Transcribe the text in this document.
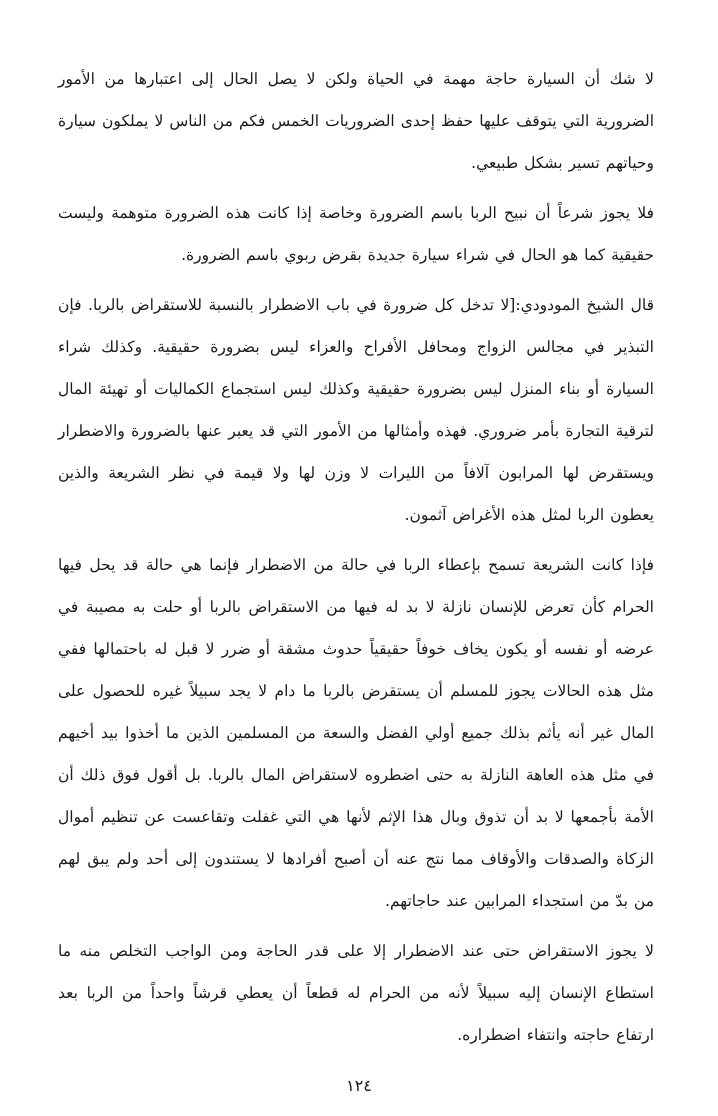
لا شك أن السيارة حاجة مهمة في الحياة ولكن لا يصل الحال إلى اعتبارها من الأمور الضرورية التي يتوقف عليها حفظ إحدى الضروريات الخمس فكم من الناس لا يملكون سيارة وحياتهم تسير بشكل طبيعي.

فلا يجوز شرعاً أن نبيح الربا باسم الضرورة وخاصة إذا كانت هذه الضرورة متوهمة وليست حقيقية كما هو الحال في شراء سيارة جديدة بقرض ربوي باسم الضرورة.

قال الشيخ المودودي:[لا تدخل كل ضرورة في باب الاضطرار بالنسبة للاستقراض بالربا. فإن التبذير في مجالس الزواج ومحافل الأفراح والعزاء ليس بضرورة حقيقية. وكذلك شراء السيارة أو بناء المنزل ليس بضرورة حقيقية وكذلك ليس استجماع الكماليات أو تهيئة المال لترقية التجارة بأمر ضروري. فهذه وأمثالها من الأمور التي قد يعبر عنها بالضرورة والاضطرار ويستقرض لها المرابون آلافاً من الليرات لا وزن لها ولا قيمة في نظر الشريعة والذين يعطون الربا لمثل هذه الأغراض آثمون.

فإذا كانت الشريعة تسمح بإعطاء الربا في حالة من الاضطرار فإنما هي حالة قد يحل فيها الحرام كأن تعرض للإنسان نازلة لا بد له فيها من الاستقراض بالربا أو حلت به مصيبة في عرضه أو نفسه أو يكون يخاف خوفاً حقيقياً حدوث مشقة أو ضرر لا قبل له باحتمالها ففي مثل هذه الحالات يجوز للمسلم أن يستقرض بالربا ما دام لا يجد سبيلاً غيره للحصول على المال غير أنه يأثم بذلك جميع أولي الفضل والسعة من المسلمين الذين ما أخذوا بيد أخيهم في مثل هذه العاهة النازلة به حتى اضطروه لاستقراض المال بالربا. بل أقول فوق ذلك أن الأمة بأجمعها لا بد أن تذوق وبال هذا الإثم لأنها هي التي غفلت وتقاعست عن تنظيم أموال الزكاة والصدقات والأوقاف مما نتج عنه أن أصبح أفرادها لا يستندون إلى أحد ولم يبق لهم من بدّ من استجداء المرابين عند حاجاتهم.

لا يجوز الاستقراض حتى عند الاضطرار إلا على قدر الحاجة ومن الواجب التخلص منه ما استطاع الإنسان إليه سبيلاً لأنه من الحرام له قطعاً أن يعطي قرشاً واحداً من الربا بعد ارتفاع حاجته وانتفاء اضطراره.

١٢٤
